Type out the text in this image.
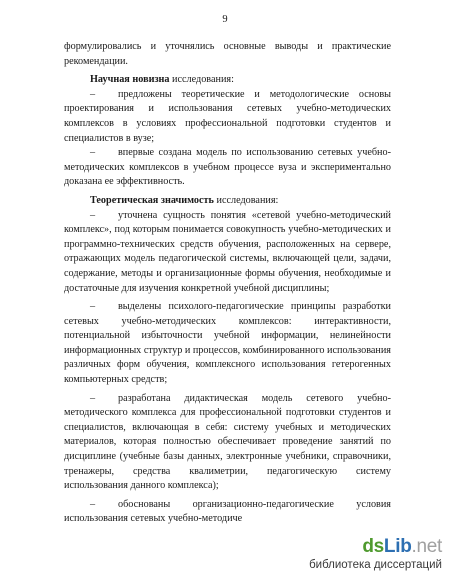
9

формулировались и уточнялись основные выводы и практические рекомендации.

Научная новизна исследования:

– предложены теоретические и методологические основы проектирования и использования сетевых учебно-методических комплексов в условиях профессиональной подготовки студентов и специалистов в вузе;

– впервые создана модель по использованию сетевых учебно-методических комплексов в учебном процессе вуза и экспериментально доказана ее эффективность.

Теоретическая значимость исследования:

– уточнена сущность понятия «сетевой учебно-методический комплекс», под которым понимается совокупность учебно-методических и программно-технических средств обучения, расположенных на сервере, отражающих модель педагогической системы, включающей цели, задачи, содержание, методы и организационные формы обучения, необходимые и достаточные для изучения конкретной учебной дисциплины;

– выделены психолого-педагогические принципы разработки сетевых учебно-методических комплексов: интерактивности, потенциальной избыточности учебной информации, нелинейности информационных структур и процессов, комбинированного использования различных форм обучения, комплексного использования гетерогенных компьютерных средств;

– разработана дидактическая модель сетевого учебно-методического комплекса для профессиональной подготовки студентов и специалистов, включающая в себя: систему учебных и методических материалов, которая полностью обеспечивает проведение занятий по дисциплине (учебные базы данных, электронные учебники, справочники, тренажеры, средства квалиметрии, педагогическую систему использования данного комплекса);

– обоснованы организационно-педагогические условия использования сетевых учебно-методиче

dsLib.net
библиотека диссертаций
